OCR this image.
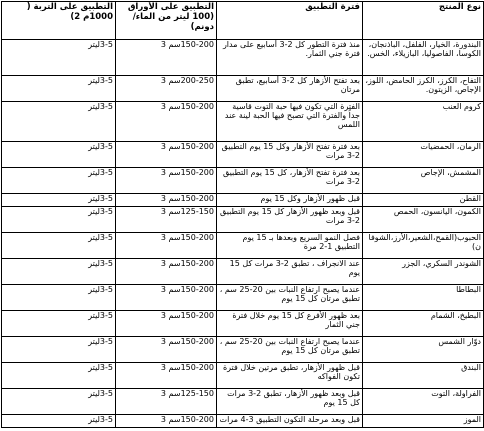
نوع المنتج	فترة التطبيق	التطبيق على الأوراق (100 ليتر من الماء/دونم)	التطبيق على التربة ( 1000م 2)
البندورة، الخيار، الفلفل، الباذنجان، الكوسا، الفاصوليا، البازيلاء، الخس.	منذ فترة التطور كل 2-3 أسابيع على مدار فترة جني الثمار.	150-200سم 3	3-5ليتر
التفاح، الكرز، الكرز الحامض، اللوز، الإجاص، الزيتون.	بعد تفتح الأزهار كل 2-3 أسابيع، تطبق مرتان	200-250سم 3	3-5ليتر
كروم العنب	الفترة التي تكون فيها حبة التوت قاسية جداً والفترة التي تصبح فيها الحبة لينة عند اللمس	150-200سم 3	3-5ليتر
الرمان، الحمضيات	بعد فترة تفتح الأزهار وكل 15 يوم التطبيق 2-3 مرات	150-200سم 3	3-5ليتر
المشمش، الإجاص	بعد فترة تفتح الأزهار، كل 15 يوم التطبيق 2-3 مرات	150-200سم 3	3-5ليتر
القطن	قبل ظهور الأزهار وكل 15 يوم	150-200سم 3	3-5ليتر
الكمون، اليانسون، الحمص	قبل وبعد ظهور الأزهار كل 15 يوم التطبيق 2-3 مرات	125-150سم 3	3-5ليتر
الحبوب(القمح،الشعير،الأرز،الشوفان)	فصل النمو السريع وبعدها بـ 15 يوم التطبيق 1-2 مرة	150-200سم 3	3-5ليتر
الشوندر السكري، الجزر	عند الانجراف ، تطبق 2-3 مرات كل 15 يوم	150-200سم 3	3-5ليتر
البطاطا	عندما يصبح ارتفاع النبات بين 20-25 سم ، تطبق مرتان كل 15 يوم	150-200سم 3	3-5ليتر
البطيخ، الشمام	بعد ظهور الأفرع كل 15 يوم خلال فترة جني الثمار	150-200سم 3	3-5ليتر
دوّار الشمس	عندما يصبح ارتفاع النبات بين 20-25 سم ، تطبق مرتان كل 15 يوم	150-200سم 3	3-5ليتر
البندق	قبل ظهور الأزهار، تطبق مرتين خلال فترة تكون الفواكه	150-200سم 3	3-5ليتر
الفراولة، التوت	قبل وبعد ظهور الأزهار، تطبق 2-3 مرات كل 15 يوم	125-150سم 3	3-5ليتر
الموز	قبل وبعد مرحلة التكون التطبيق 3-4 مرات	150-200سم 3	3-5ليتر
